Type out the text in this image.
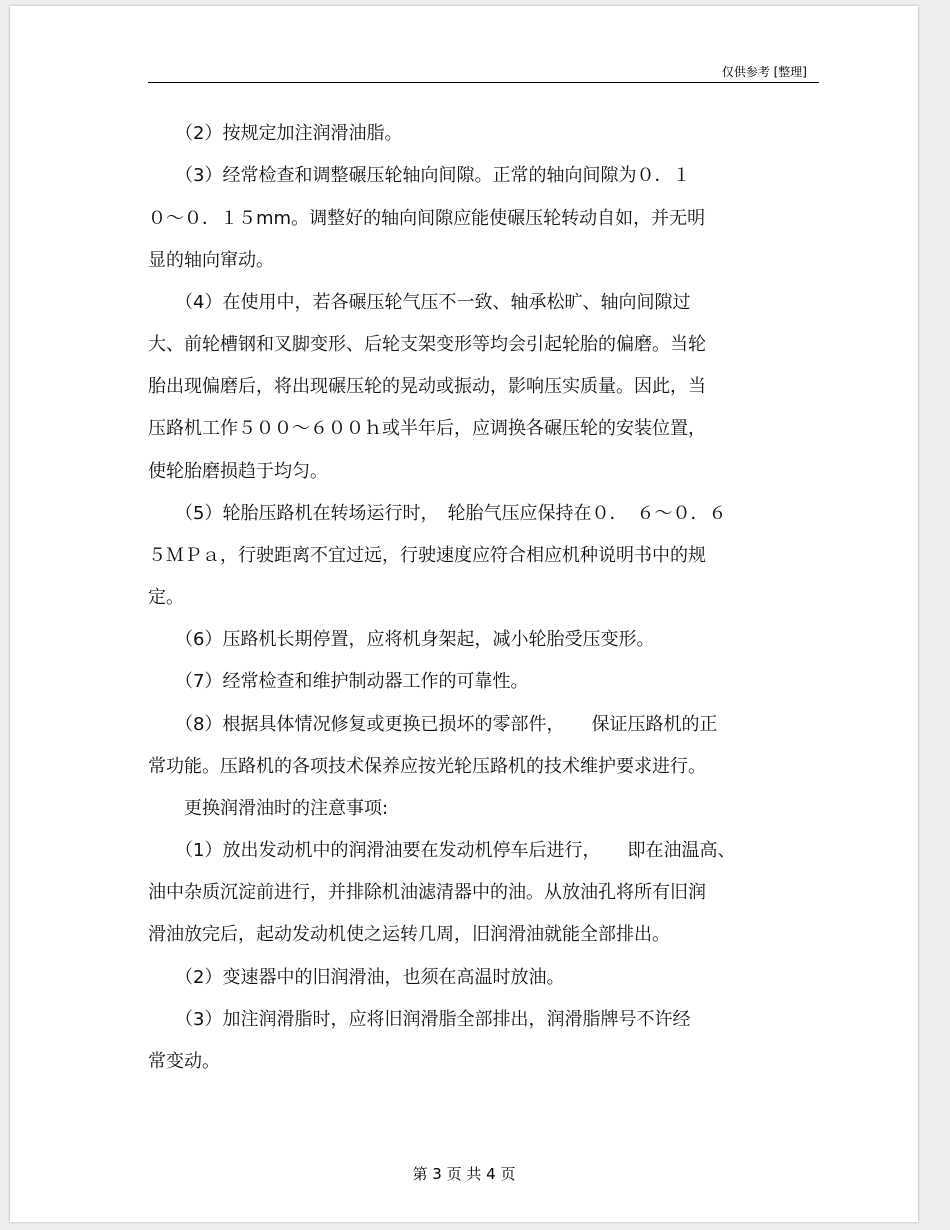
仅供参考 [整理]
　　（2）按规定加注润滑油脂。
　　（3）经常检查和调整碾压轮轴向间隙。正常的轴向间隙为０．１
０～０．１５mm。调整好的轴向间隙应能使碾压轮转动自如，并无明
显的轴向窜动。
　　（4）在使用中，若各碾压轮气压不一致、轴承松旷、轴向间隙过
大、前轮槽钢和叉脚变形、后轮支架变形等均会引起轮胎的偏磨。当轮
胎出现偏磨后，将出现碾压轮的晃动或振动，影响压实质量。因此，当
压路机工作５００～６００ｈ或半年后，应调换各碾压轮的安装位置，
使轮胎磨损趋于均匀。
　　（5）轮胎压路机在转场运行时，　轮胎气压应保持在０．　６～０．６
５ＭＰａ，行驶距离不宜过远，行驶速度应符合相应机种说明书中的规
定。
　　（6）压路机长期停置，应将机身架起，减小轮胎受压变形。
　　（7）经常检查和维护制动器工作的可靠性。
　　（8）根据具体情况修复或更换已损坏的零部件，　　保证压路机的正
常功能。压路机的各项技术保养应按光轮压路机的技术维护要求进行。
　　更换润滑油时的注意事项:
　　（1）放出发动机中的润滑油要在发动机停车后进行，　　即在油温高、
油中杂质沉淀前进行，并排除机油滤清器中的油。从放油孔将所有旧润
滑油放完后，起动发动机使之运转几周，旧润滑油就能全部排出。
　　（2）变速器中的旧润滑油，也须在高温时放油。
　　（3）加注润滑脂时，应将旧润滑脂全部排出，润滑脂牌号不许经
常变动。
第 3 页 共 4 页
